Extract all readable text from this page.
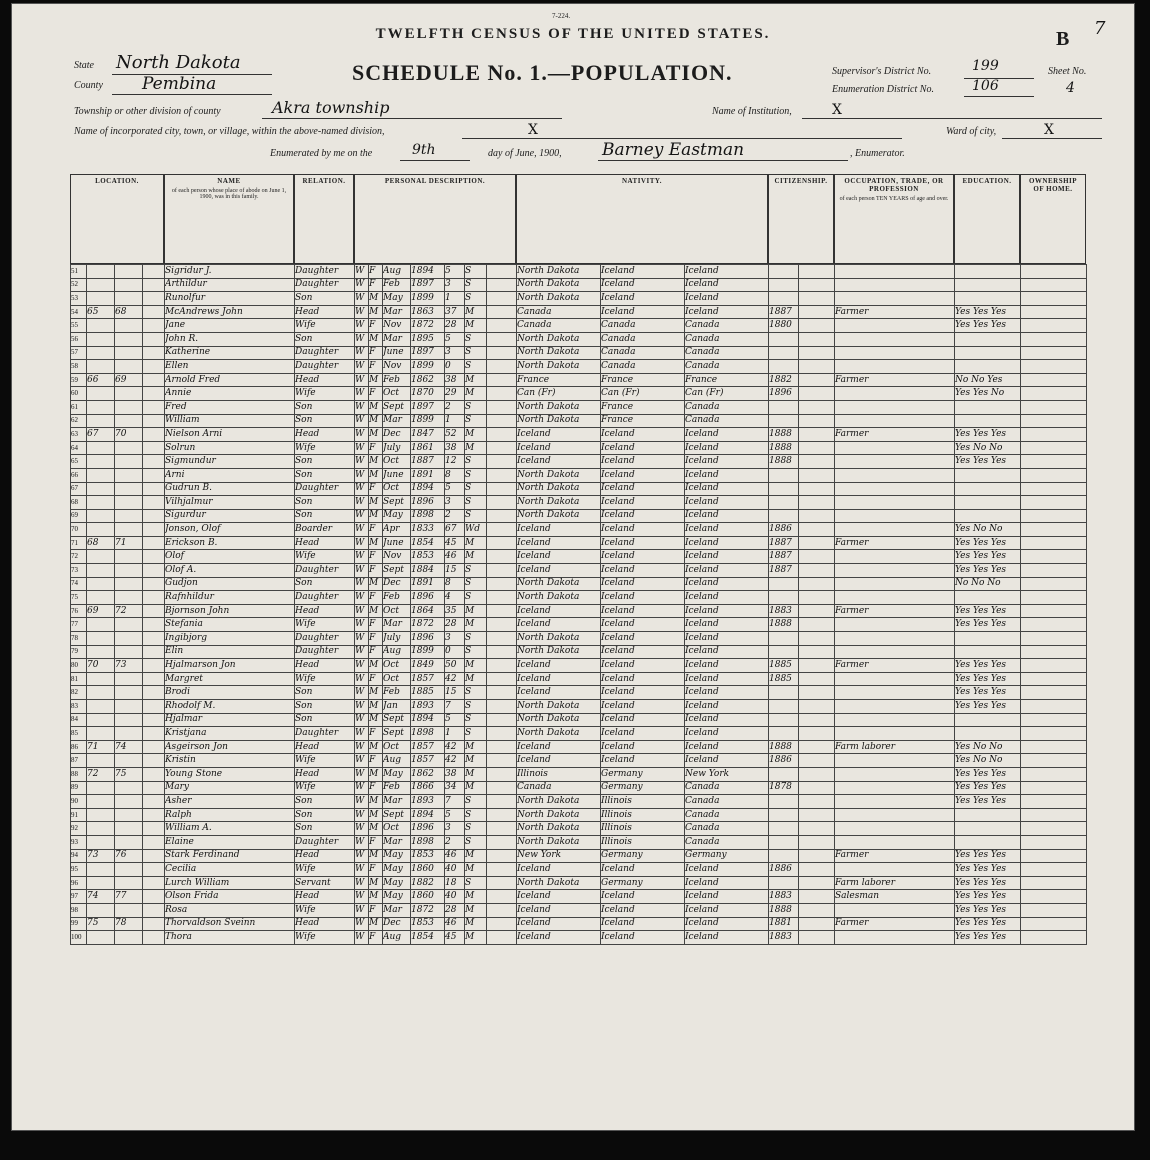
7-224.
TWELFTH CENSUS OF THE UNITED STATES.
SCHEDULE No. 1.—POPULATION.
B 7
State North Dakota
County Pembina
Supervisor's District No.	199
Enumeration District No.	106
Sheet No.
4
Township or other division of county	Akra township	Name of Institution,	X
Name of incorporated city, town, or village, within the above-named division,	X	Ward of city,	X
Enumerated by me on the	9th	day of June, 1900, Barney Eastman	, Enumerator.
LOCATION.	NAME
of each person whose place of abode on June 1, 1900, was in this family.
RELATION.	PERSONAL DESCRIPTION.	NATIVITY.	CITIZENSHIP.	OCCUPATION, TRADE, OR PROFESSION
of each person TEN YEARS of age and over.
EDUCATION.	OWNERSHIP OF HOME.
51				Sigridur J.	Daughter	W	F	Aug	1894	5	S		North Dakota	Iceland	Iceland					
52				Arthildur	Daughter	W	F	Feb	1897	3	S		North Dakota	Iceland	Iceland					
53				Runolfur	Son	W	M	May	1899	1	S		North Dakota	Iceland	Iceland					
54	65	68		McAndrews John	Head	W	M	Mar	1863	37	M		Canada	Iceland	Iceland	1887		Farmer	Yes Yes Yes	
55				Jane	Wife	W	F	Nov	1872	28	M		Canada	Canada	Canada	1880			Yes Yes Yes	
56				John R.	Son	W	M	Mar	1895	5	S		North Dakota	Canada	Canada					
57				Katherine	Daughter	W	F	June	1897	3	S		North Dakota	Canada	Canada					
58				Ellen	Daughter	W	F	Nov	1899	0	S		North Dakota	Canada	Canada					
59	66	69		Arnold Fred	Head	W	M	Feb	1862	38	M		France	France	France	1882		Farmer	No No Yes	
60				Annie	Wife	W	F	Oct	1870	29	M		Can (Fr)	Can (Fr)	Can (Fr)	1896			Yes Yes No	
61				Fred	Son	W	M	Sept	1897	2	S		North Dakota	France	Canada					
62				William	Son	W	M	Mar	1899	1	S		North Dakota	France	Canada					
63	67	70		Nielson Arni	Head	W	M	Dec	1847	52	M		Iceland	Iceland	Iceland	1888		Farmer	Yes Yes Yes	
64				Solrun	Wife	W	F	July	1861	38	M		Iceland	Iceland	Iceland	1888			Yes No No	
65				Sigmundur	Son	W	M	Oct	1887	12	S		Iceland	Iceland	Iceland	1888			Yes Yes Yes	
66				Arni	Son	W	M	June	1891	8	S		North Dakota	Iceland	Iceland					
67				Gudrun B.	Daughter	W	F	Oct	1894	5	S		North Dakota	Iceland	Iceland					
68				Vilhjalmur	Son	W	M	Sept	1896	3	S		North Dakota	Iceland	Iceland					
69				Sigurdur	Son	W	M	May	1898	2	S		North Dakota	Iceland	Iceland					
70				Jonson, Olof	Boarder	W	F	Apr	1833	67	Wd		Iceland	Iceland	Iceland	1886			Yes No No	
71	68	71		Erickson B.	Head	W	M	June	1854	45	M		Iceland	Iceland	Iceland	1887		Farmer	Yes Yes Yes	
72				Olof	Wife	W	F	Nov	1853	46	M		Iceland	Iceland	Iceland	1887			Yes Yes Yes	
73				Olof A.	Daughter	W	F	Sept	1884	15	S		Iceland	Iceland	Iceland	1887			Yes Yes Yes	
74				Gudjon	Son	W	M	Dec	1891	8	S		North Dakota	Iceland	Iceland				No No No	
75				Rafnhildur	Daughter	W	F	Feb	1896	4	S		North Dakota	Iceland	Iceland					
76	69	72		Bjornson John	Head	W	M	Oct	1864	35	M		Iceland	Iceland	Iceland	1883		Farmer	Yes Yes Yes	
77				Stefania	Wife	W	F	Mar	1872	28	M		Iceland	Iceland	Iceland	1888			Yes Yes Yes	
78				Ingibjorg	Daughter	W	F	July	1896	3	S		North Dakota	Iceland	Iceland					
79				Elin	Daughter	W	F	Aug	1899	0	S		North Dakota	Iceland	Iceland					
80	70	73		Hjalmarson Jon	Head	W	M	Oct	1849	50	M		Iceland	Iceland	Iceland	1885		Farmer	Yes Yes Yes	
81				Margret	Wife	W	F	Oct	1857	42	M		Iceland	Iceland	Iceland	1885			Yes Yes Yes	
82				Brodi	Son	W	M	Feb	1885	15	S		Iceland	Iceland	Iceland				Yes Yes Yes	
83				Rhodolf M.	Son	W	M	Jan	1893	7	S		North Dakota	Iceland	Iceland				Yes Yes Yes	
84				Hjalmar	Son	W	M	Sept	1894	5	S		North Dakota	Iceland	Iceland					
85				Kristjana	Daughter	W	F	Sept	1898	1	S		North Dakota	Iceland	Iceland					
86	71	74		Asgeirson Jon	Head	W	M	Oct	1857	42	M		Iceland	Iceland	Iceland	1888		Farm laborer	Yes No No	
87				Kristin	Wife	W	F	Aug	1857	42	M		Iceland	Iceland	Iceland	1886			Yes No No	
88	72	75		Young Stone	Head	W	M	May	1862	38	M		Illinois	Germany	New York				Yes Yes Yes	
89				Mary	Wife	W	F	Feb	1866	34	M		Canada	Germany	Canada	1878			Yes Yes Yes	
90				Asher	Son	W	M	Mar	1893	7	S		North Dakota	Illinois	Canada				Yes Yes Yes	
91				Ralph	Son	W	M	Sept	1894	5	S		North Dakota	Illinois	Canada					
92				William A.	Son	W	M	Oct	1896	3	S		North Dakota	Illinois	Canada					
93				Elaine	Daughter	W	F	Mar	1898	2	S		North Dakota	Illinois	Canada					
94	73	76		Stark Ferdinand	Head	W	M	May	1853	46	M		New York	Germany	Germany			Farmer	Yes Yes Yes	
95				Cecilia	Wife	W	F	May	1860	40	M		Iceland	Iceland	Iceland	1886			Yes Yes Yes	
96				Lurch William	Servant	W	M	May	1882	18	S		North Dakota	Germany	Iceland			Farm laborer	Yes Yes Yes	
97	74	77		Olson Frida	Head	W	M	May	1860	40	M		Iceland	Iceland	Iceland	1883		Salesman	Yes Yes Yes	
98				Rosa	Wife	W	F	Mar	1872	28	M		Iceland	Iceland	Iceland	1888			Yes Yes Yes	
99	75	78		Thorvaldson Sveinn	Head	W	M	Dec	1853	46	M		Iceland	Iceland	Iceland	1881		Farmer	Yes Yes Yes	
100				Thora	Wife	W	F	Aug	1854	45	M		Iceland	Iceland	Iceland	1883			Yes Yes Yes	
